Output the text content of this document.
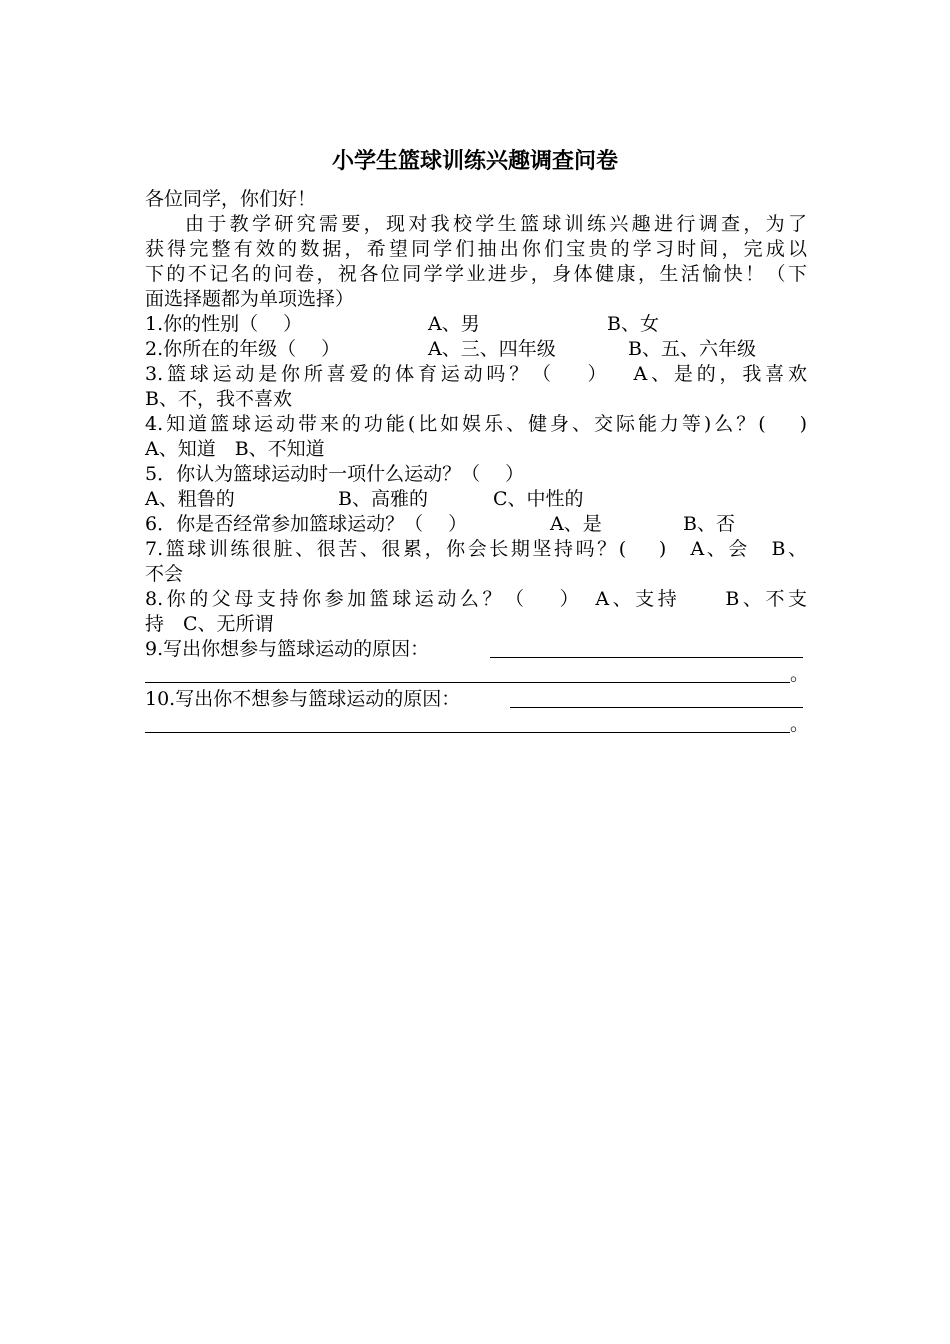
小学生篮球训练兴趣调查问卷
各位同学，你们好！
由于教学研究需要，现对我校学生篮球训练兴趣进行调查，为了
获得完整有效的数据，希望同学们抽出你们宝贵的学习时间，完成以
下的不记名的问卷，祝各位同学学业进步，身体健康，生活愉快！（下
面选择题都为单项选择）
1.你的性别（　 ）	A、男	B、女
2.你所在的年级（　 ）	A、三、四年级	B、五、六年级
3.篮球运动是你所喜爱的体育运动吗？（　 ）　 A、是的，我喜欢
B、不，我不喜欢
4.知道篮球运动带来的功能(比如娱乐、健身、交际能力等)么？(　 )
A、知道　B、不知道
5．你认为篮球运动时一项什么运动？（　 ）
A、粗鲁的	B、高雅的	C、中性的
6．你是否经常参加篮球运动？（　 ）	A、是	B、否
7.篮球训练很脏、很苦、很累，你会长期坚持吗？(　 )　A、会　B、
不会
8.你的父母支持你参加篮球运动么？（　 ）　A、支持　　B、不支
持　C、无所谓
9.写出你想参与篮球运动的原因：
。
10.写出你不想参与篮球运动的原因：
。
